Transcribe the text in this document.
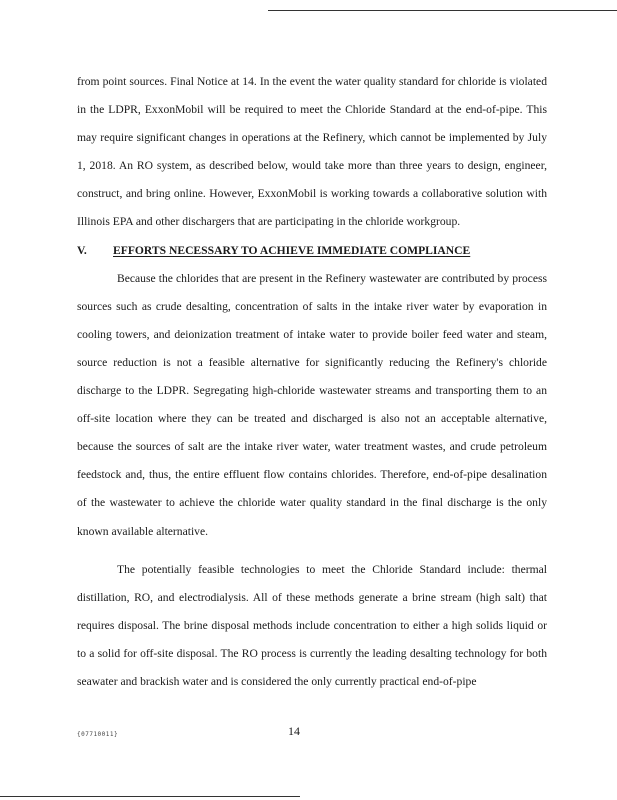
from point sources. Final Notice at 14. In the event the water quality standard for chloride is violated in the LDPR, ExxonMobil will be required to meet the Chloride Standard at the end-of-pipe. This may require significant changes in operations at the Refinery, which cannot be implemented by July 1, 2018. An RO system, as described below, would take more than three years to design, engineer, construct, and bring online. However, ExxonMobil is working towards a collaborative solution with Illinois EPA and other dischargers that are participating in the chloride workgroup.

V. EFFORTS NECESSARY TO ACHIEVE IMMEDIATE COMPLIANCE

Because the chlorides that are present in the Refinery wastewater are contributed by process sources such as crude desalting, concentration of salts in the intake river water by evaporation in cooling towers, and deionization treatment of intake water to provide boiler feed water and steam, source reduction is not a feasible alternative for significantly reducing the Refinery's chloride discharge to the LDPR. Segregating high-chloride wastewater streams and transporting them to an off-site location where they can be treated and discharged is also not an acceptable alternative, because the sources of salt are the intake river water, water treatment wastes, and crude petroleum feedstock and, thus, the entire effluent flow contains chlorides. Therefore, end-of-pipe desalination of the wastewater to achieve the chloride water quality standard in the final discharge is the only known available alternative.

The potentially feasible technologies to meet the Chloride Standard include: thermal distillation, RO, and electrodialysis. All of these methods generate a brine stream (high salt) that requires disposal. The brine disposal methods include concentration to either a high solids liquid or to a solid for off-site disposal. The RO process is currently the leading desalting technology for both seawater and brackish water and is considered the only currently practical end-of-pipe

{07710011}	14
